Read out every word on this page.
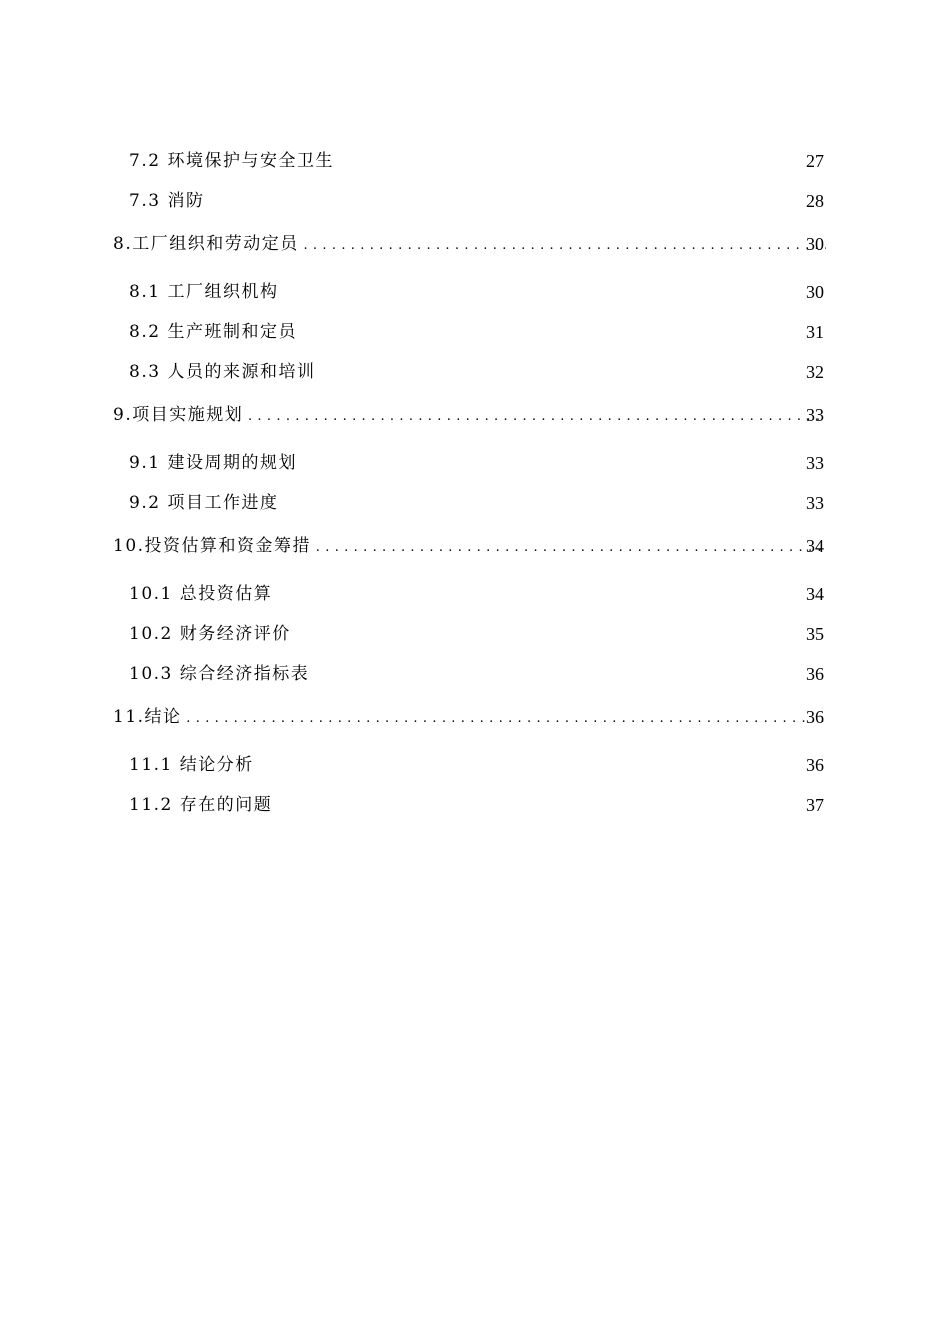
7.2 环境保护与安全卫生	27
7.3 消防	28
8.工厂组织和劳动定员 . . .	30
8.1 工厂组织机构	30
8.2 生产班制和定员	31
8.3 人员的来源和培训	32
9.项目实施规划 . . .	33
9.1 建设周期的规划	33
9.2 项目工作进度	33
10.投资估算和资金筹措 . . .	34
10.1 总投资估算	34
10.2 财务经济评价	35
10.3 综合经济指标表	36
11.结论 . . .	36
11.1 结论分析	36
11.2 存在的问题	37
